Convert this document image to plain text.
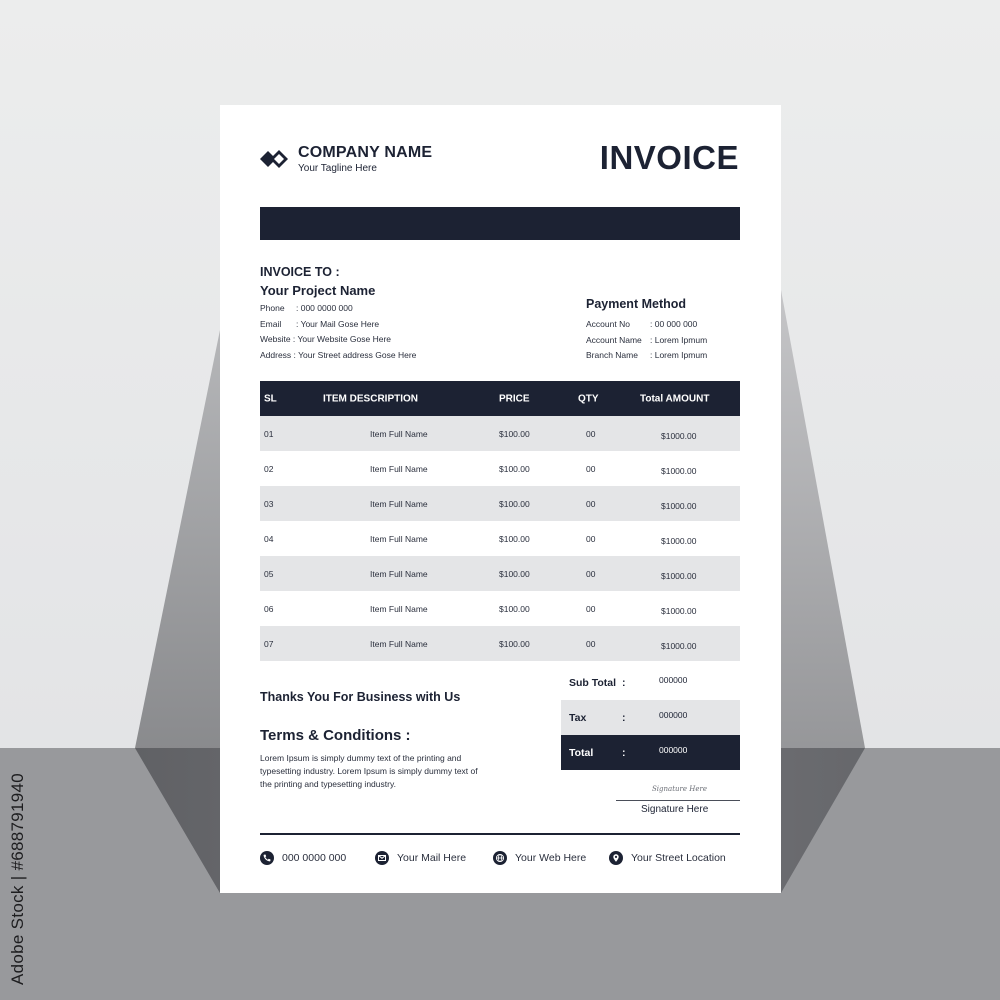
Adobe Stock | #688791940
COMPANY NAME
Your Tagline Here	INVOICE
INVOICE TO :
Your Project Name
Phone : 000 0000 000
Email : Your Mail Gose Here
Website : Your Website Gose Here
Address : Your Street address Gose Here
Payment Method
Account No : 00 000 000
Account Name : Lorem Ipmum
Branch Name : Lorem Ipmum
SL	ITEM DESCRIPTION	PRICE	QTY	Total AMOUNT
01	Item Full Name	$100.00	00	$1000.00
02	Item Full Name	$100.00	00	$1000.00
03	Item Full Name	$100.00	00	$1000.00
04	Item Full Name	$100.00	00	$1000.00
05	Item Full Name	$100.00	00	$1000.00
06	Item Full Name	$100.00	00	$1000.00
07	Item Full Name	$100.00	00	$1000.00
Sub Total :	000000
Tax	:	000000
Total	:	000000
Thanks You For Business with Us
Terms & Conditions :
Lorem Ipsum is simply dummy text of the printing and typesetting industry. Lorem Ipsum is simply dummy text of the printing and typesetting industry.	Signature Here
Signature Here
000 0000 000	Your Mail Here	Your Web Here	Your Street Location
